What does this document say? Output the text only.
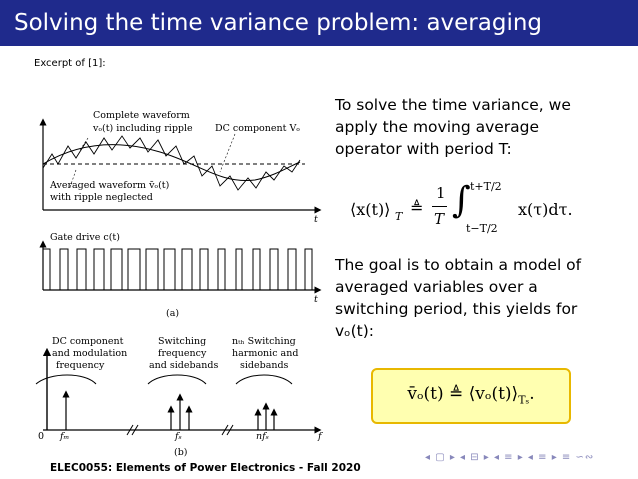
Solving the time variance problem: averaging
Excerpt of [1]:
Complete waveform
vₒ(t) including ripple DC component Vₒ
Averaged waveform v̄ₒ(t)
with ripple neglected
t
Gate drive c(t)
t
(a)
DC component
and modulation
frequency
Switching
frequency
and sidebands
nₜₕ Switching
harmonic and
sidebands
0 fₘ	fₛ	nfₛ	f
(b)
To solve the time variance, we
apply the moving average
operator with period T:
⟨x(t)⟩ T ≜
1
T ∫ t+T/2
t−T/2
x(τ)dτ.
The goal is to obtain a model of
averaged variables over a
switching period, this yields for
vₒ(t):
v̄ₒ(t) ≜ $⟨v_o(t)⟩_{T_s}$.
◂ ▢ ▸ ◂ ⊟ ▸ ◂ ≡ ▸ ◂ ≡ ▸ ≡ ∽∾
ELEC0055: Elements of Power Electronics - Fall 2020
